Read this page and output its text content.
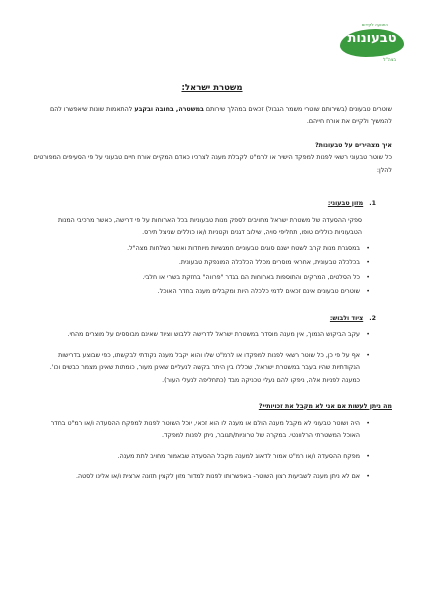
התנועה לקידום
טבעונות
בצה"ל
משטרת ישראל:

שוטרים טבעונים (בשירותם שוטרי משמר הגבול) זכאים במהלך שירותם במשטרה, בחובה ובקבע להתאמות שונות שיאפשרו להם להמשיך ולקיים את אורח חייהם.

איך מצהירים על טבעונות?

כל שוטר טבעוני רשאי לפנות למפקד הישיר או לרמ"ט לקבלת מענה לצרכיו כאדם המקיים אורח חיים טבעוני על פי הסעיפים המפורטים להלן:

1.
מזון טבעוני:

ספקי ההסעדה של משטרת ישראל מחויבים לספק מנות טבעוניות בכל הארוחות על פי דרישה, כאשר מרכיבי המנות הטבעוניות כוללים טופו, תחליפי סויה, שילוב דגנים וקטניות ו/או כוללים שניצל תירס.

•
במסגרת מנות קרב לשטח ישנם סוגים טבעוניים חמגשיות מיוחדות ואשר נשלחות מצה"ל.
•
בכלכלה טבעונית, אחראי מוסרים מכלל הכלכלה המונפקת טבעונית.
•
כל הסלטים, המרקים והתוספות בארוחות הם בגדר "פרווה" בחזקת בשרי או חלבי.
•
שוטרים טבעונים אינם זכאים לדמי כלכלה היות ומקבלים מענה בחדר האוכל.
2.
ציוד ולבוש:
•
עקב הביקוש הנמוך, אין מענה מוסדר במשטרת ישראל לדרישה ללבוש וציוד שאינם מבוססים על מוצרים מהחי.
•
אף על פי כן, כל שוטר רשאי לפנות למפקדו או לרמ"ט שלו והוא יקבל מענה נקודתי לבקשתו, כפי שבוצע בדרישות הנקודתיות שהיו בעבר במשטרת ישראל, שכללו בין היתר בקשה לנעליים שאינן מעור, כומתות שאינן מצמר כבשים וכו'. כמענה לפניות אלה, ניפקו להם נעלי טכניקה מבד (כתחליפה לנעלי העור).

מה ניתן לעשות אם אני לא מקבל את זכויותיי?

•
היה ושוטר טבעוני לא מקבל מענה הולם או מענה לו הוא זכאי, יוכל השוטר לפנות למפקח ההסעדה ו/או רמ"ט בחדר האוכל המשטרתי הרלוונטי. במקרה של טרוניות/תגובר, ניתן לפנות למפקד.
•
מפקח ההסעדה ו/או רמ"ט אמור לדאוג למענה מקבל ההסעדה שבאמור מחויב לתת מענה.
•
אם לא ניתן מענה לשביעות רצון השוטר- באפשרותו לפנות למדור מזון לקצין תזונה ארצית ו/או אלינו לסטה.
